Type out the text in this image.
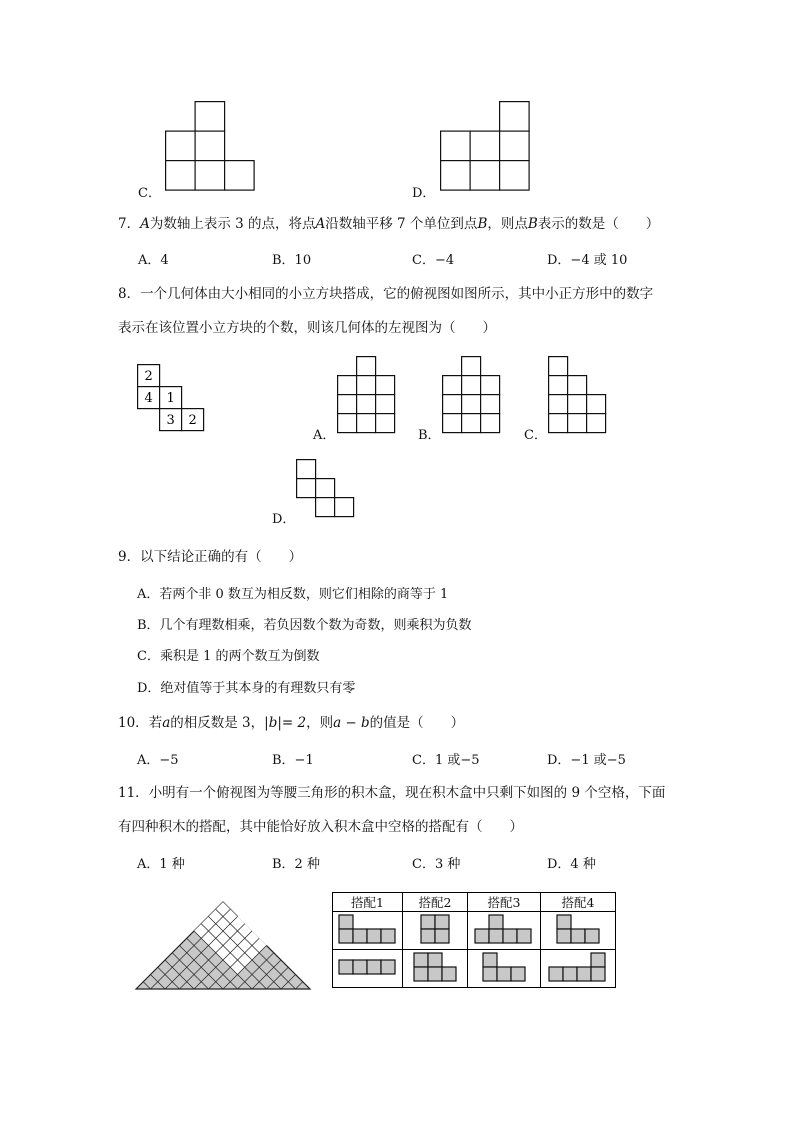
C．	D．
7．A为数轴上表示 3 的点，将点A沿数轴平移 7 个单位到点B，则点B表示的数是（　　）
A．4	B．10	C．−4	D．−4 或 10
8．一个几何体由大小相同的小立方块搭成，它的俯视图如图所示，其中小正方形中的数字
表示在该位置小立方块的个数，则该几何体的左视图为（　　）
2
4 1
3 2
A．	B．	C．
D．
9．以下结论正确的有（　　）
A．若两个非 0 数互为相反数，则它们相除的商等于 1
B．几个有理数相乘，若负因数个数为奇数，则乘积为负数
C．乘积是 1 的两个数互为倒数
D．绝对值等于其本身的有理数只有零
10．若a的相反数是 3，|b|= 2，则a − b的值是（　　）
A．−5	B．−1	C．1 或−5	D．−1 或−5
11．小明有一个俯视图为等腰三角形的积木盒，现在积木盒中只剩下如图的 9 个空格，下面
有四种积木的搭配，其中能恰好放入积木盒中空格的搭配有（　　）
A．1 种	B．2 种	C．3 种	D．4 种
搭配1	搭配2	搭配3	搭配4
